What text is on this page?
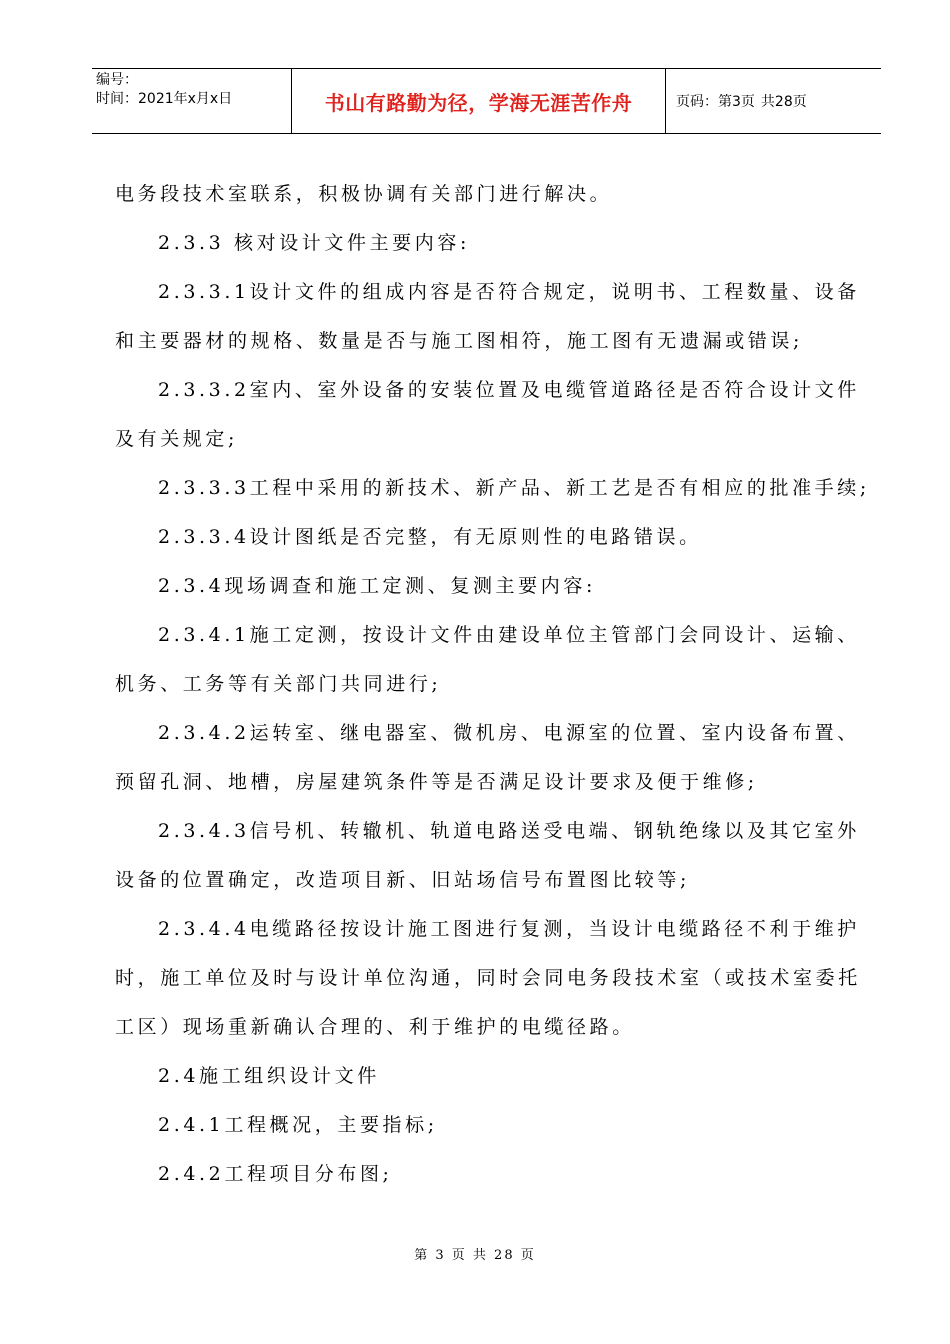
编号：
时间：2021年x月x日	书山有路勤为径，学海无涯苦作舟	页码：第3页 共28页
电务段技术室联系，积极协调有关部门进行解决。
2.3.3 核对设计文件主要内容:
2.3.3.1设计文件的组成内容是否符合规定，说明书、工程数量、设备
和主要器材的规格、数量是否与施工图相符，施工图有无遗漏或错误;
2.3.3.2室内、室外设备的安装位置及电缆管道路径是否符合设计文件
及有关规定;
2.3.3.3工程中采用的新技术、新产品、新工艺是否有相应的批准手续;
2.3.3.4设计图纸是否完整，有无原则性的电路错误。
2.3.4现场调查和施工定测、复测主要内容:
2.3.4.1施工定测，按设计文件由建设单位主管部门会同设计、运输、
机务、工务等有关部门共同进行;
2.3.4.2运转室、继电器室、微机房、电源室的位置、室内设备布置、
预留孔洞、地槽，房屋建筑条件等是否满足设计要求及便于维修;
2.3.4.3信号机、转辙机、轨道电路送受电端、钢轨绝缘以及其它室外
设备的位置确定，改造项目新、旧站场信号布置图比较等;
2.3.4.4电缆路径按设计施工图进行复测，当设计电缆路径不利于维护
时，施工单位及时与设计单位沟通，同时会同电务段技术室（或技术室委托
工区）现场重新确认合理的、利于维护的电缆径路。
2.4施工组织设计文件
2.4.1工程概况，主要指标;
2.4.2工程项目分布图;
第 3 页 共 28 页
